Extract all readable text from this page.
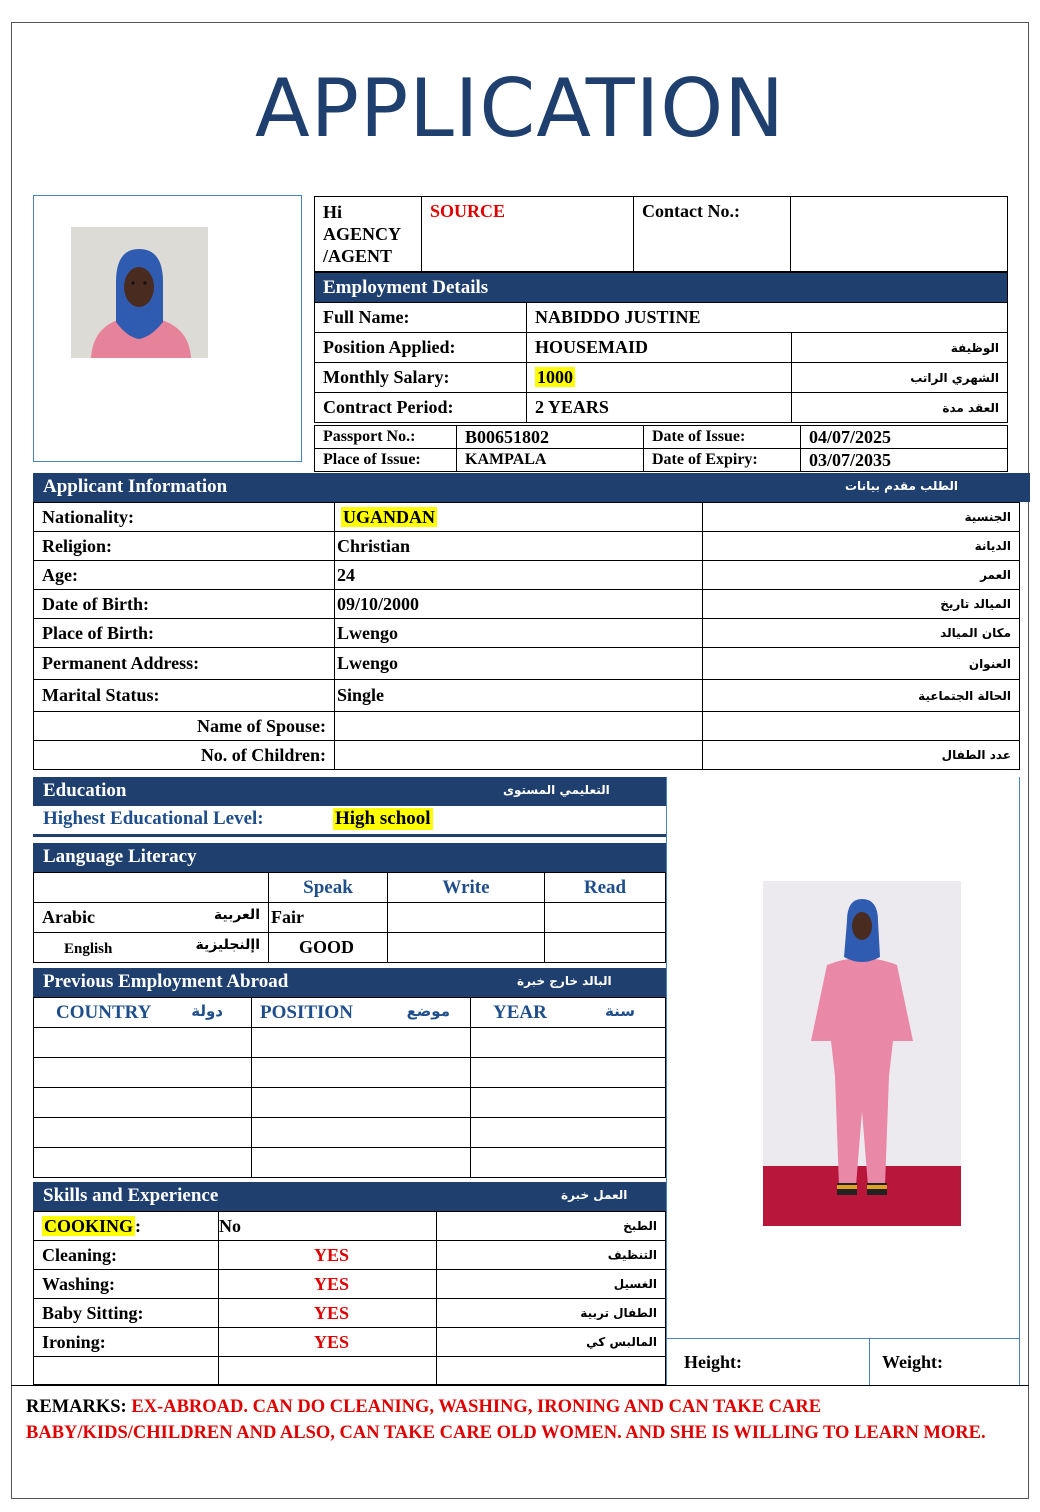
APPLICATION
Hi AGENCY /AGENT	SOURCE	Contact No.:	
Employment Details		
Full Name:	NABIDDO JUSTINE	
Position Applied:	HOUSEMAID	الوظيفة
Monthly Salary:	1000	الشهري الراتب
Contract Period:	2 YEARS	العقد مدة
Passport No.:	B00651802	Date of Issue:	04/07/2025
Place of Issue:	KAMPALA	Date of Expiry:	03/07/2035
Applicant Information	الطلب مقدم بيانات
Nationality:	UGANDAN	الجنسية
Religion:	Christian	الديانة
Age:	24	العمر
Date of Birth:	09/10/2000	الميالد تاريخ
Place of Birth:	Lwengo	مكان الميالد
Permanent Address:	Lwengo	العنوان
Marital Status:	Single	الحالة الجتماعية
Name of Spouse:		
No. of Children:		عدد الطفال
Education	التعليمي المستوى
Highest Educational Level:	High school
Language Literacy
	Speak	Write	Read
Arabic العربية	Fair		
English اإلنجليزية	GOOD		
Previous Employment Abroad	البالد خارج خبرة
COUNTRY دولة	POSITION موضع	YEAR سنة

Skills and Experience	العمل خبرة
COOKING :	No	الطبخ
Cleaning:	YES	التنظيف
Washing:	YES	الغسيل
Baby Sitting:	YES	الطفال تربية
Ironing:	YES	المالبس كي

Height:	Weight:
REMARKS: EX-ABROAD. CAN DO CLEANING, WASHING, IRONING AND CAN TAKE CARE
BABY/KIDS/CHILDREN AND ALSO, CAN TAKE CARE OLD WOMEN. AND SHE IS WILLING TO LEARN MORE.
